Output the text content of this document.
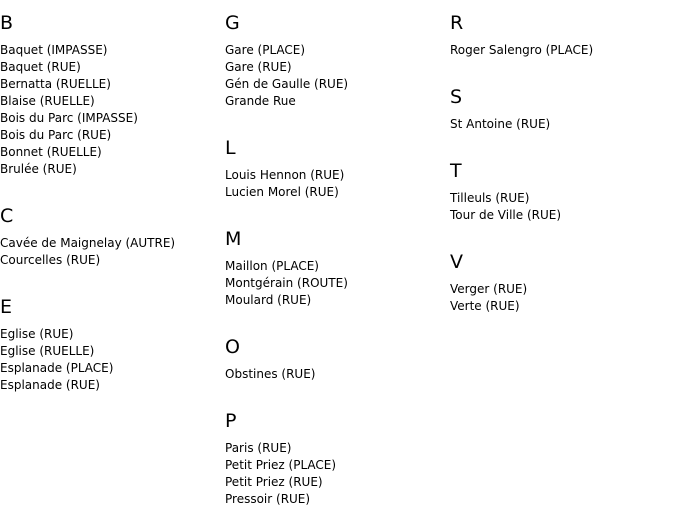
B
Baquet (IMPASSE)
Baquet (RUE)
Bernatta (RUELLE)
Blaise (RUELLE)
Bois du Parc (IMPASSE)
Bois du Parc (RUE)
Bonnet (RUELLE)
Brulée (RUE)
C
Cavée de Maignelay (AUTRE)
Courcelles (RUE)
E
Eglise (RUE)
Eglise (RUELLE)
Esplanade (PLACE)
Esplanade (RUE)
G
Gare (PLACE)
Gare (RUE)
Gén de Gaulle (RUE)
Grande Rue
L
Louis Hennon (RUE)
Lucien Morel (RUE)
M
Maillon (PLACE)
Montgérain (ROUTE)
Moulard (RUE)
O
Obstines (RUE)
P
Paris (RUE)
Petit Priez (PLACE)
Petit Priez (RUE)
Pressoir (RUE)
R
Roger Salengro (PLACE)
S
St Antoine (RUE)
T
Tilleuls (RUE)
Tour de Ville (RUE)
V
Verger (RUE)
Verte (RUE)
